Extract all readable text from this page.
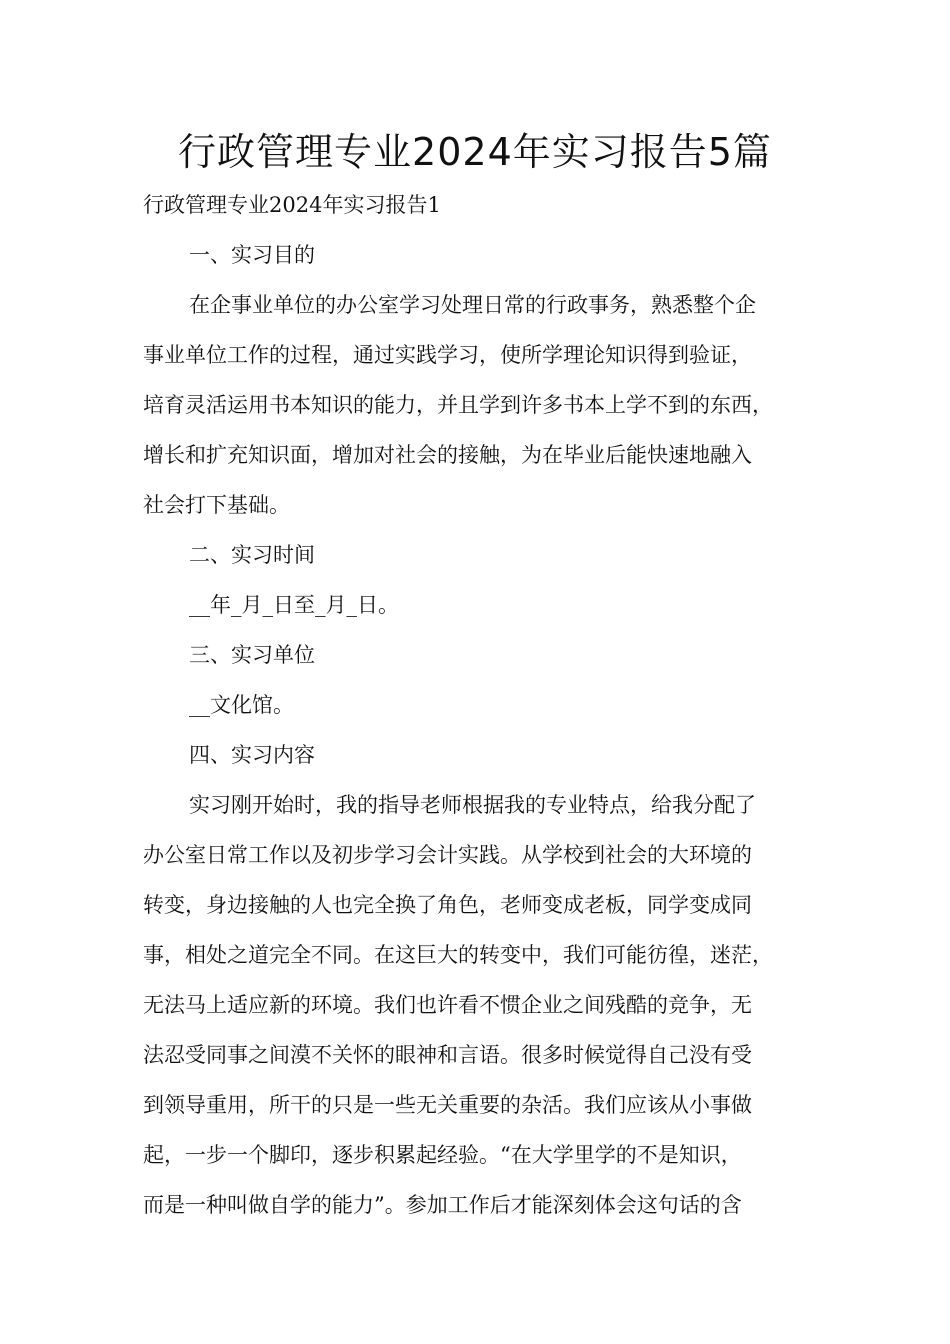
行政管理专业2024年实习报告5篇
行政管理专业2024年实习报告1
一、实习目的
在企事业单位的办公室学习处理日常的行政事务，熟悉整个企
事业单位工作的过程，通过实践学习，使所学理论知识得到验证，
培育灵活运用书本知识的能力，并且学到许多书本上学不到的东西，
增长和扩充知识面，增加对社会的接触，为在毕业后能快速地融入
社会打下基础。
二、实习时间
__年_月_日至_月_日。
三、实习单位
__文化馆。
四、实习内容
实习刚开始时，我的指导老师根据我的专业特点，给我分配了
办公室日常工作以及初步学习会计实践。从学校到社会的大环境的
转变，身边接触的人也完全换了角色，老师变成老板，同学变成同
事，相处之道完全不同。在这巨大的转变中，我们可能彷徨，迷茫，
无法马上适应新的环境。我们也许看不惯企业之间残酷的竞争，无
法忍受同事之间漠不关怀的眼神和言语。很多时候觉得自己没有受
到领导重用，所干的只是一些无关重要的杂活。我们应该从小事做
起，一步一个脚印，逐步积累起经验。“在大学里学的不是知识，
而是一种叫做自学的能力”。参加工作后才能深刻体会这句话的含
